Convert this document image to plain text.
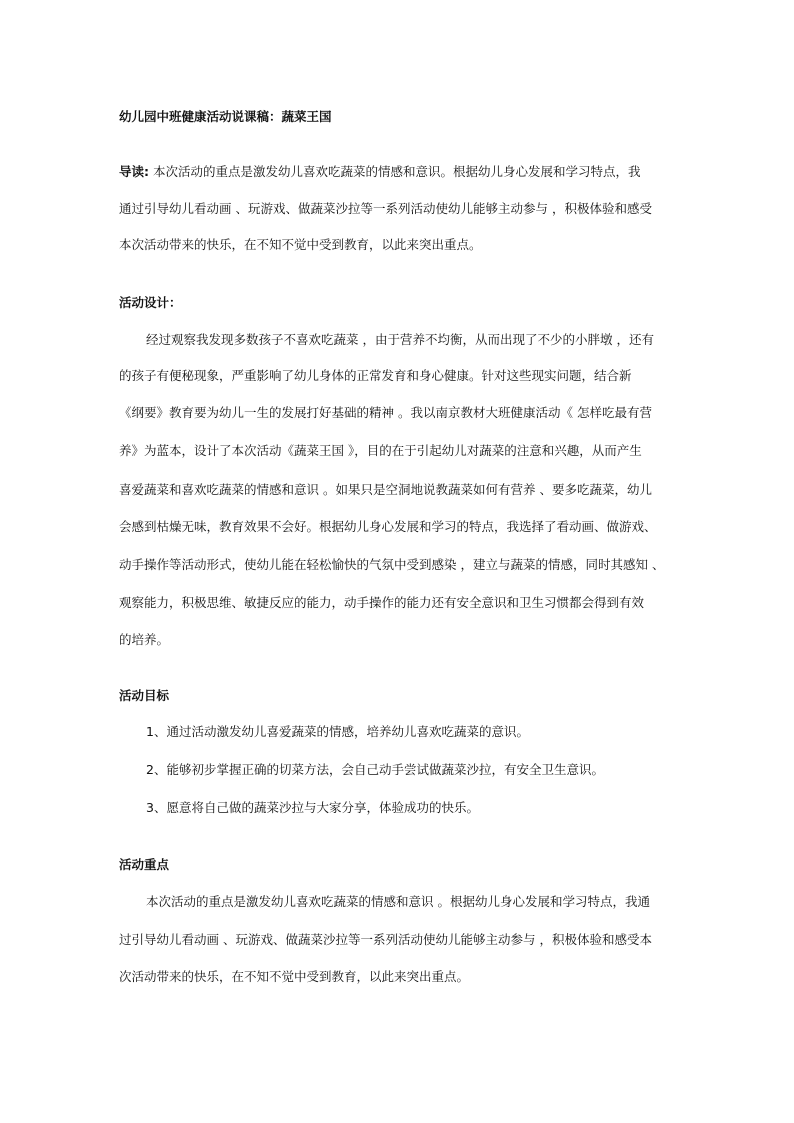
幼儿园中班健康活动说课稿：蔬菜王国
导读: 本次活动的重点是激发幼儿喜欢吃蔬菜的情感和意识。根据幼儿身心发展和学习特点，我
通过引导幼儿看动画 、玩游戏、做蔬菜沙拉等一系列活动使幼儿能够主动参与 ，积极体验和感受
本次活动带来的快乐，在不知不觉中受到教育，以此来突出重点。
活动设计：
经过观察我发现多数孩子不喜欢吃蔬菜 ，由于营养不均衡，从而出现了不少的小胖墩 ，还有
的孩子有便秘现象，严重影响了幼儿身体的正常发育和身心健康。针对这些现实问题，结合新
《纲要》教育要为幼儿一生的发展打好基础的精神 。我以南京教材大班健康活动《 怎样吃最有营
养》为蓝本，设计了本次活动《蔬菜王国 》，目的在于引起幼儿对蔬菜的注意和兴趣，从而产生
喜爱蔬菜和喜欢吃蔬菜的情感和意识 。如果只是空洞地说教蔬菜如何有营养 、要多吃蔬菜，幼儿
会感到枯燥无味，教育效果不会好。根据幼儿身心发展和学习的特点，我选择了看动画、做游戏、
动手操作等活动形式，使幼儿能在轻松愉快的气氛中受到感染 ，建立与蔬菜的情感，同时其感知 、
观察能力，积极思维、敏捷反应的能力，动手操作的能力还有安全意识和卫生习惯都会得到有效
的培养。
活动目标
1、通过活动激发幼儿喜爱蔬菜的情感，培养幼儿喜欢吃蔬菜的意识。
2、能够初步掌握正确的切菜方法，会自己动手尝试做蔬菜沙拉，有安全卫生意识。
3、愿意将自己做的蔬菜沙拉与大家分享，体验成功的快乐。
活动重点
本次活动的重点是激发幼儿喜欢吃蔬菜的情感和意识 。根据幼儿身心发展和学习特点，我通
过引导幼儿看动画 、玩游戏、做蔬菜沙拉等一系列活动使幼儿能够主动参与 ，积极体验和感受本
次活动带来的快乐，在不知不觉中受到教育，以此来突出重点。
